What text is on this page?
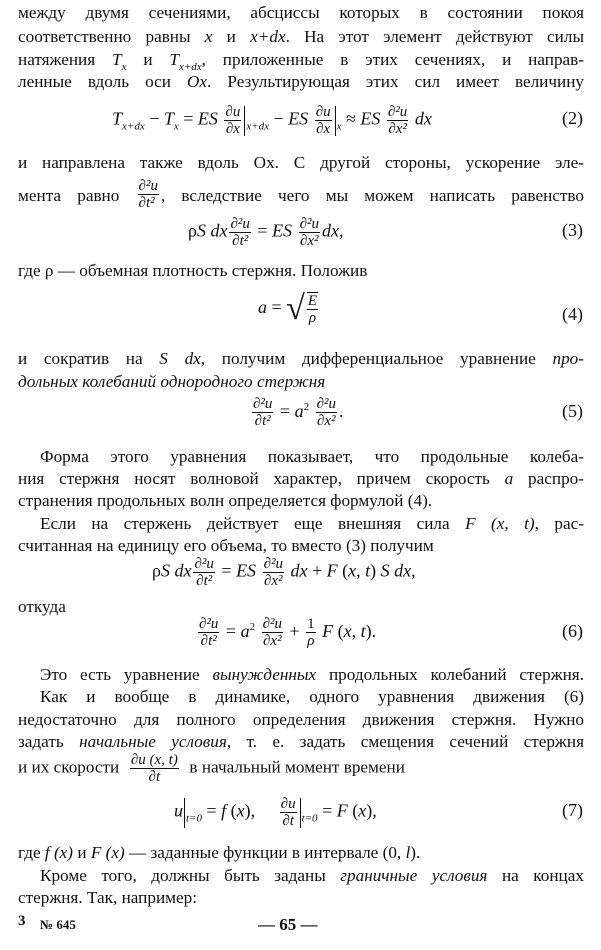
между двумя сечениями, абсциссы которых в состоянии покоя
соответственно равны x и x+dx. На этот элемент действуют силы
натяжения $T_x$ и $T_{x+dx}$, приложенные в этих сечениях, и направ-
ленные вдоль оси Ox. Результирующая этих сил имеет величину
$T_{x+dx} - T_x$ = ES $\frac{\partial u}{\partial x} _{x+dx}$ − ES $\frac{\partial u}{\partial x} _x$ ≈ ES $\frac{\text{∂²u}}{\text{∂x²}}$ dx	(2)
и направлена также вдоль Ox. С другой стороны, ускорение эле-
мента равно $\frac{\text{∂²u}}{\text{∂t²}}$ , вследствие чего мы можем написать равенство
ρS dx $\frac{\text{∂²u}}{\text{∂t²}}$ = ES $\frac{\text{∂²u}}{\text{∂x²}}$ dx,	(3)
где ρ — объемная плотность стержня. Положив
a = √ $\frac{E}{\rho}$	(4)
и сократив на S dx, получим дифференциальное уравнение про-
дольных колебаний однородного стержня
$\frac{\text{∂²u}}{\text{∂t²}} = a^2 \frac{\text{∂²u}}{\text{∂x²}}$ .	(5)
Форма этого уравнения показывает, что продольные колеба-
ния стержня носят волновой характер, причем скорость a распро-
странения продольных волн определяется формулой (4).
Если на стержень действует еще внешняя сила F (x, t), рас-
считанная на единицу его объема, то вместо (3) получим
ρS dx $\frac{\text{∂²u}}{\text{∂t²}}$ = ES $\frac{\text{∂²u}}{\text{∂x²}}$ dx + F (x, t) S dx,
откуда
$\frac{\text{∂²u}}{\text{∂t²}} = a^2 \frac{\text{∂²u}}{\text{∂x²}} + \frac{1}{\rho}$ F (x, t).	(6)
Это есть уравнение вынужденных продольных колебаний стержня.
Как и вообще в динамике, одного уравнения движения (6)
недостаточно для полного определения движения стержня. Нужно
задать начальные условия, т. е. задать смещения сечений стержня
и их скорости $\frac{\partial u (x, t)}{\partial t}$ в начальный момент времени
u $_{t=0}$ = f (x), $\frac{\partial u}{\partial t} _{t=0} = F$ (x),	(7)
где f (x) и F (x) — заданные функции в интервале (0, l).
Кроме того, должны быть заданы граничные условия на концах
стержня. Так, например:
3 № 645	— 65 —
